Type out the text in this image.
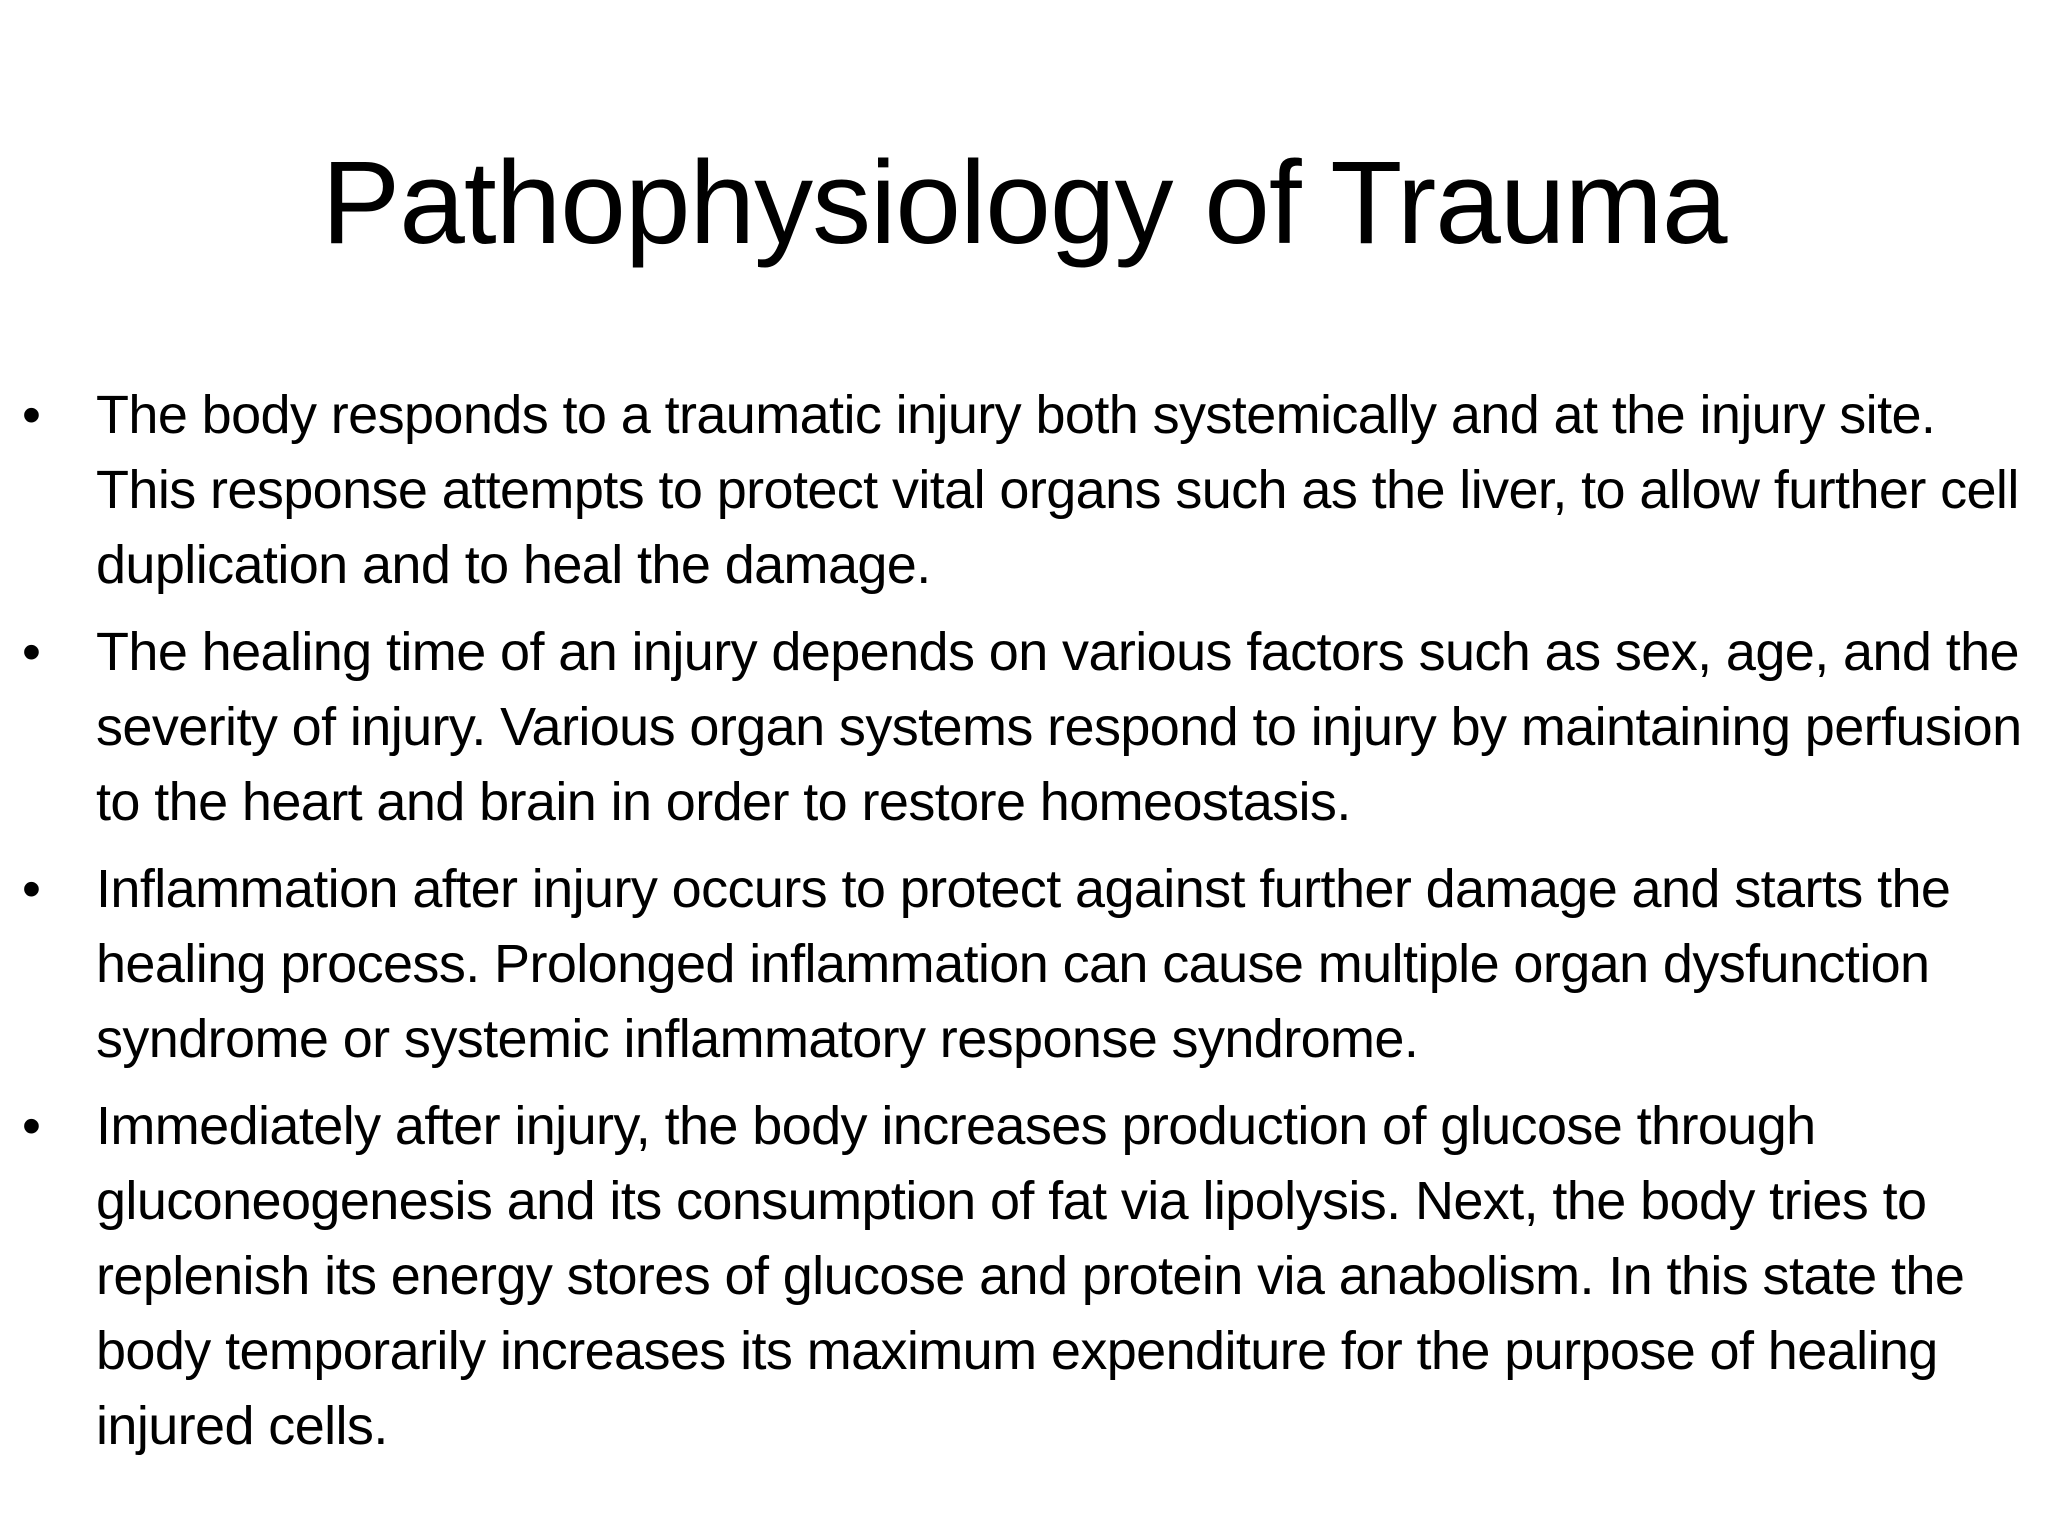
Pathophysiology of Trauma
•	The body responds to a traumatic injury both systemically and at the injury site. This response attempts to protect vital organs such as the liver, to allow further cell duplication and to heal the damage.
•	The healing time of an injury depends on various factors such as sex, age, and the severity of injury. Various organ systems respond to injury by maintaining perfusion to the heart and brain in order to restore homeostasis.
•	Inflammation after injury occurs to protect against further damage and starts the healing process. Prolonged inflammation can cause multiple organ dysfunction syndrome or systemic inflammatory response syndrome.
•	Immediately after injury, the body increases production of glucose through gluconeogenesis and its consumption of fat via lipolysis. Next, the body tries to replenish its energy stores of glucose and protein via anabolism. In this state the body temporarily increases its maximum expenditure for the purpose of healing injured cells.
